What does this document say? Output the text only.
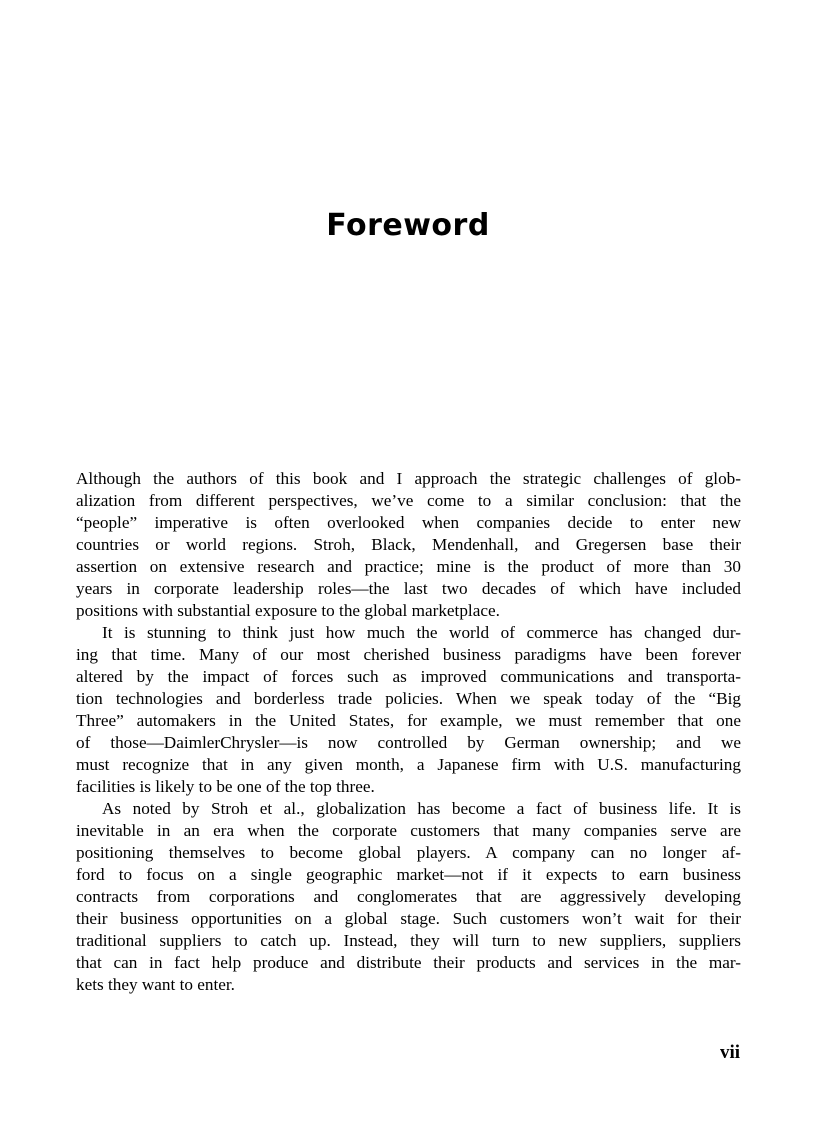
Foreword
Although the authors of this book and I approach the strategic challenges of glob-
alization from different perspectives, we’ve come to a similar conclusion: that the
“people” imperative is often overlooked when companies decide to enter new
countries or world regions. Stroh, Black, Mendenhall, and Gregersen base their
assertion on extensive research and practice; mine is the product of more than 30
years in corporate leadership roles—the last two decades of which have included
positions with substantial exposure to the global marketplace.
It is stunning to think just how much the world of commerce has changed dur-
ing that time. Many of our most cherished business paradigms have been forever
altered by the impact of forces such as improved communications and transporta-
tion technologies and borderless trade policies. When we speak today of the “Big
Three” automakers in the United States, for example, we must remember that one
of those—DaimlerChrysler—is now controlled by German ownership; and we
must recognize that in any given month, a Japanese firm with U.S. manufacturing
facilities is likely to be one of the top three.
As noted by Stroh et al., globalization has become a fact of business life. It is
inevitable in an era when the corporate customers that many companies serve are
positioning themselves to become global players. A company can no longer af-
ford to focus on a single geographic market—not if it expects to earn business
contracts from corporations and conglomerates that are aggressively developing
their business opportunities on a global stage. Such customers won’t wait for their
traditional suppliers to catch up. Instead, they will turn to new suppliers, suppliers
that can in fact help produce and distribute their products and services in the mar-
kets they want to enter.
vii
